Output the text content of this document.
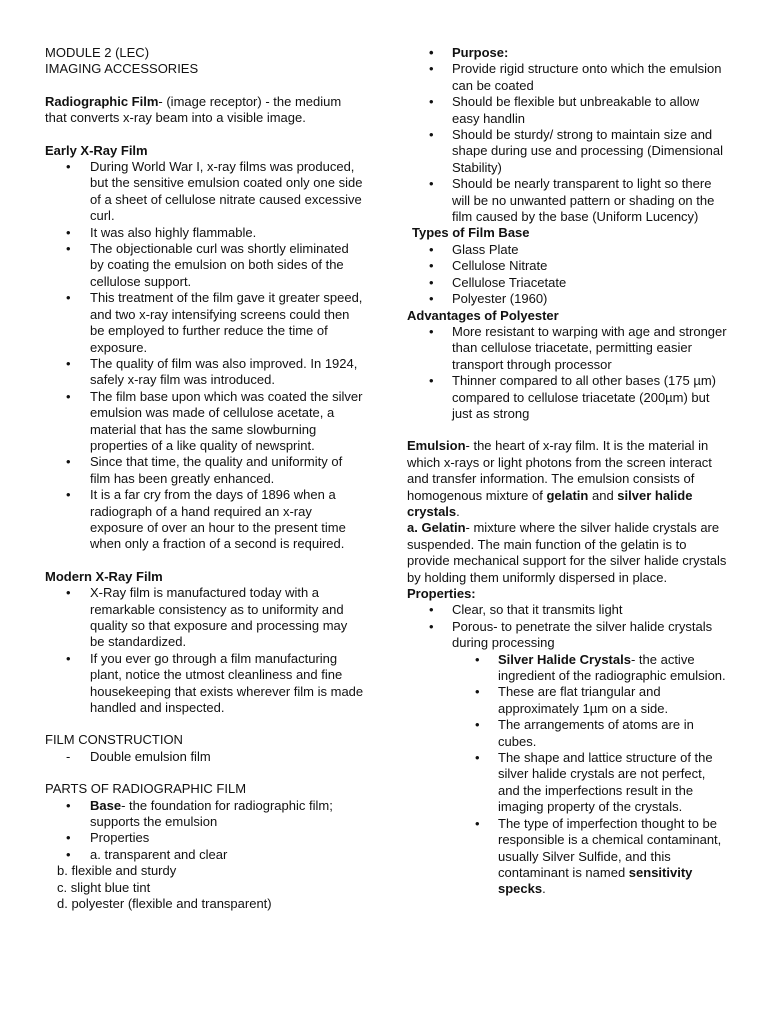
MODULE 2 (LEC)

IMAGING ACCESSORIES

Radiographic Film- (image receptor) - the medium that converts x-ray beam into a visible image.

Early X-Ray Film

• During World War I, x-ray films was produced, but the sensitive emulsion coated only one side of a sheet of cellulose nitrate caused excessive curl.
• It was also highly flammable.
• The objectionable curl was shortly eliminated by coating the emulsion on both sides of the cellulose support.
• This treatment of the film gave it greater speed, and two x-ray intensifying screens could then be employed to further reduce the time of exposure.
• The quality of film was also improved. In 1924, safely x-ray film was introduced.
• The film base upon which was coated the silver emulsion was made of cellulose acetate, a material that has the same slowburning properties of a like quality of newsprint.
• Since that time, the quality and uniformity of film has been greatly enhanced.
• It is a far cry from the days of 1896 when a radiograph of a hand required an x-ray exposure of over an hour to the present time when only a fraction of a second is required.

Modern X-Ray Film

• X-Ray film is manufactured today with a remarkable consistency as to uniformity and quality so that exposure and processing may be standardized.
• If you ever go through a film manufacturing plant, notice the utmost cleanliness and fine housekeeping that exists wherever film is made handled and inspected.

FILM CONSTRUCTION

- Double emulsion film

PARTS OF RADIOGRAPHIC FILM

• Base- the foundation for radiographic film; supports the emulsion
• Properties
• a. transparent and clear

b. flexible and sturdy

c. slight blue tint

d. polyester (flexible and transparent)

• Purpose:
• Provide rigid structure onto which the emulsion can be coated
• Should be flexible but unbreakable to allow easy handlin
• Should be sturdy/ strong to maintain size and shape during use and processing (Dimensional Stability)
• Should be nearly transparent to light so there will be no unwanted pattern or shading on the film caused by the base (Uniform Lucency)

Types of Film Base

• Glass Plate
• Cellulose Nitrate
• Cellulose Triacetate
• Polyester (1960)

Advantages of Polyester

• More resistant to warping with age and stronger than cellulose triacetate, permitting easier transport through processor
• Thinner compared to all other bases (175 µm) compared to cellulose triacetate (200µm) but just as strong

Emulsion- the heart of x-ray film. It is the material in which x-rays or light photons from the screen interact and transfer information. The emulsion consists of homogenous mixture of gelatin and silver halide crystals.

a. Gelatin- mixture where the silver halide crystals are suspended. The main function of the gelatin is to provide mechanical support for the silver halide crystals by holding them uniformly dispersed in place.

Properties:

• Clear, so that it transmits light
• Porous- to penetrate the silver halide crystals during processing
• Silver Halide Crystals- the active ingredient of the radiographic emulsion.
• These are flat triangular and approximately 1µm on a side.
• The arrangements of atoms are in cubes.
• The shape and lattice structure of the silver halide crystals are not perfect, and the imperfections result in the imaging property of the crystals.
• The type of imperfection thought to be responsible is a chemical contaminant, usually Silver Sulfide, and this contaminant is named sensitivity specks.
